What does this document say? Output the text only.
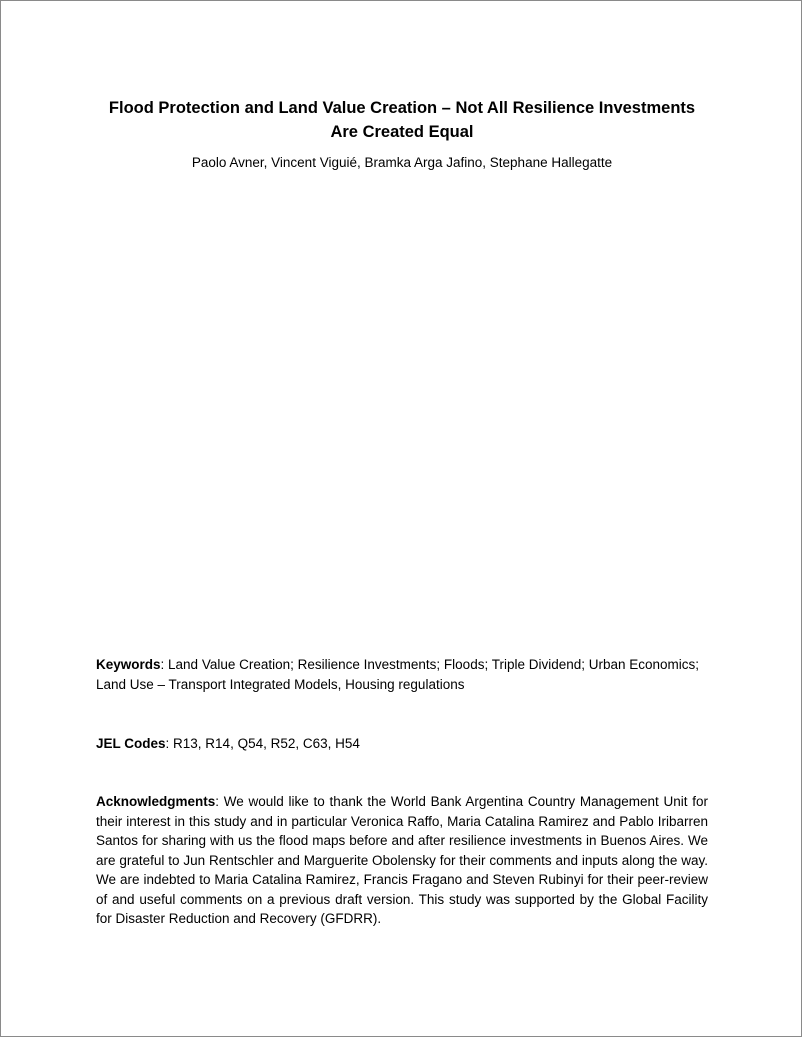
Flood Protection and Land Value Creation – Not All Resilience Investments Are Created Equal
Paolo Avner, Vincent Viguié, Bramka Arga Jafino, Stephane Hallegatte
Keywords: Land Value Creation; Resilience Investments; Floods; Triple Dividend; Urban Economics; Land Use – Transport Integrated Models, Housing regulations
JEL Codes: R13, R14, Q54, R52, C63, H54
Acknowledgments: We would like to thank the World Bank Argentina Country Management Unit for their interest in this study and in particular Veronica Raffo, Maria Catalina Ramirez and Pablo Iribarren Santos for sharing with us the flood maps before and after resilience investments in Buenos Aires. We are grateful to Jun Rentschler and Marguerite Obolensky for their comments and inputs along the way. We are indebted to Maria Catalina Ramirez, Francis Fragano and Steven Rubinyi for their peer-review of and useful comments on a previous draft version. This study was supported by the Global Facility for Disaster Reduction and Recovery (GFDRR).
